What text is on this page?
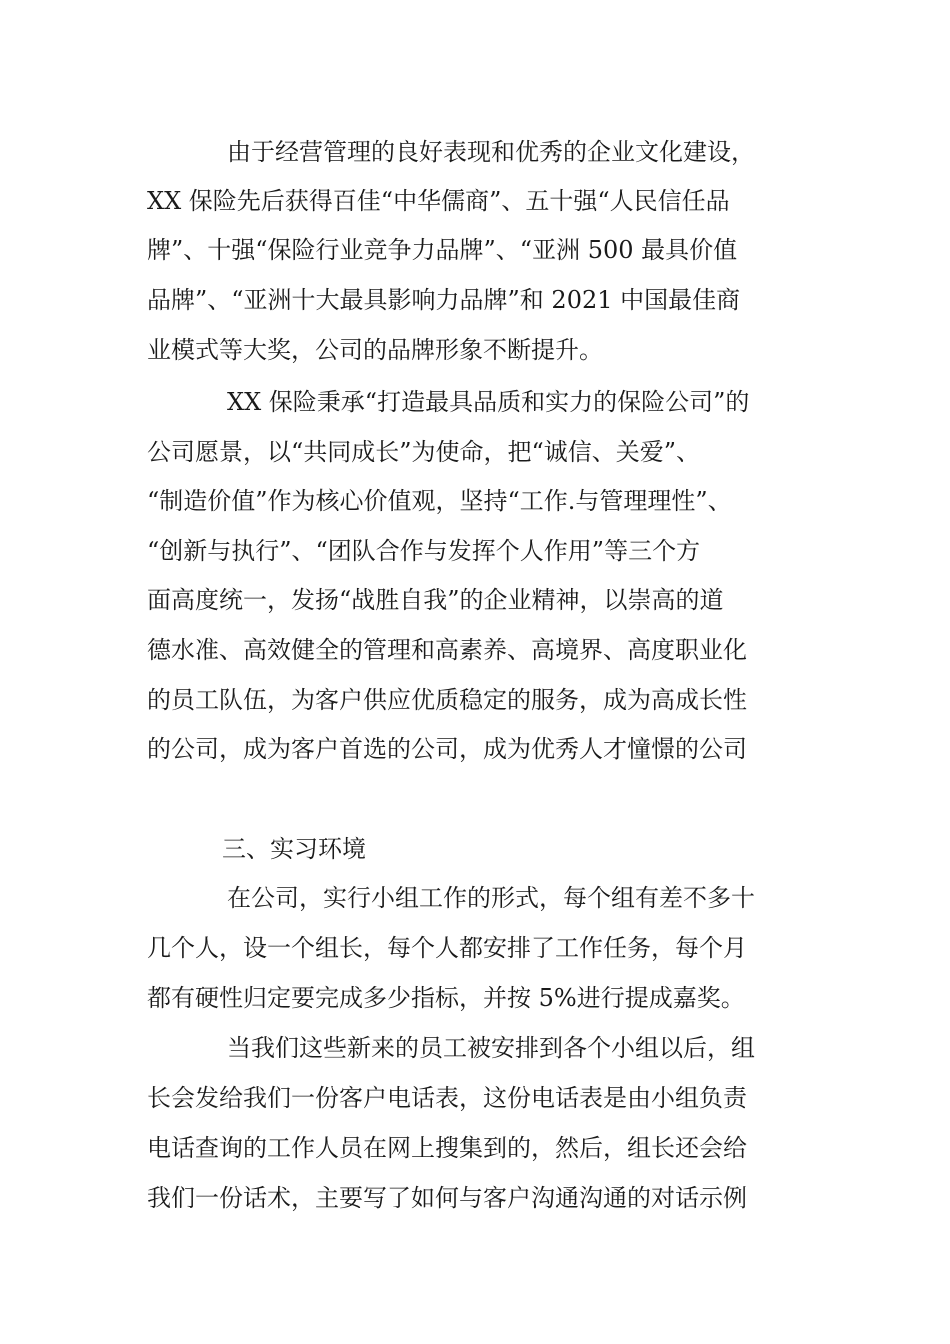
由于经营管理的良好表现和优秀的企业文化建设，
XX 保险先后获得百佳“中华儒商”、五十强“人民信任品
牌”、十强“保险行业竞争力品牌”、“亚洲 500 最具价值
品牌”、“亚洲十大最具影响力品牌”和 2021 中国最佳商
业模式等大奖，公司的品牌形象不断提升。
XX 保险秉承“打造最具品质和实力的保险公司”的
公司愿景，以“共同成长”为使命，把“诚信、关爱”、
“制造价值”作为核心价值观，坚持“工作.与管理理性”、
“创新与执行”、“团队合作与发挥个人作用”等三个方
面高度统一，发扬“战胜自我”的企业精神，以崇高的道
德水准、高效健全的管理和高素养、高境界、高度职业化
的员工队伍，为客户供应优质稳定的服务，成为高成长性
的公司，成为客户首选的公司，成为优秀人才憧憬的公司
三、实习环境
在公司，实行小组工作的形式，每个组有差不多十
几个人，设一个组长，每个人都安排了工作任务，每个月
都有硬性归定要完成多少指标，并按 5%进行提成嘉奖。
当我们这些新来的员工被安排到各个小组以后，组
长会发给我们一份客户电话表，这份电话表是由小组负责
电话查询的工作人员在网上搜集到的，然后，组长还会给
我们一份话术，主要写了如何与客户沟通沟通的对话示例
